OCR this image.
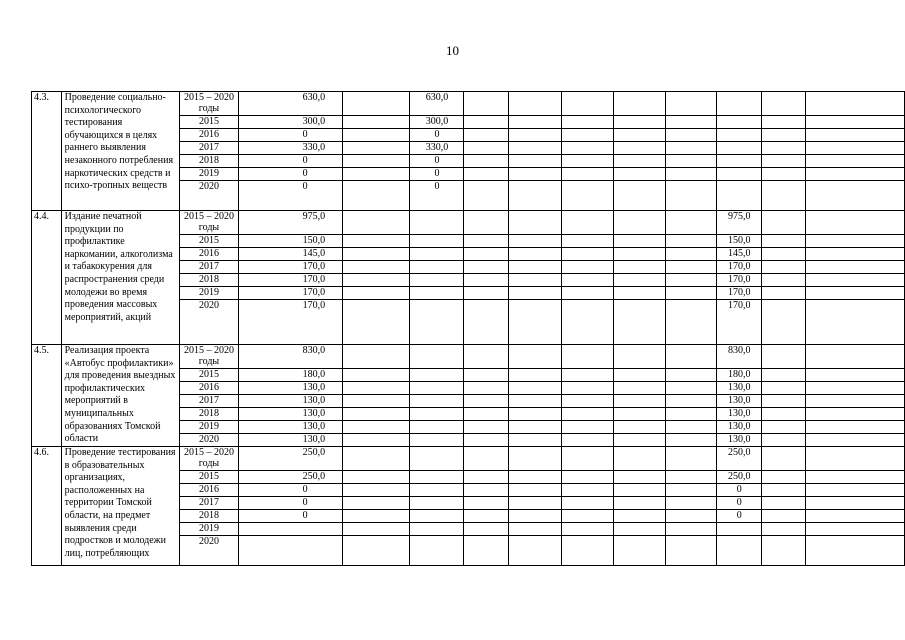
10
4.3.	Проведение социально-психологического тестирования обучающихся в целях раннего выявления незаконного потребления наркотических средств и психо-тропных веществ	2015 – 2020 годы	630,0		630,0								
		2015	300,0		300,0								
		2016	0		0								
		2017	330,0		330,0								
		2018	0		0								
		2019	0		0								
		2020	0		0								
4.4.	Издание печатной продукции по профилактике наркомании, алкоголизма и табакокурения для распространения среди молодежи во время проведения массовых мероприятий, акций	2015 – 2020 годы	975,0								975,0		
		2015	150,0								150,0		
		2016	145,0								145,0		
		2017	170,0								170,0		
		2018	170,0								170,0		
		2019	170,0								170,0		
		2020	170,0								170,0		
4.5.	Реализация проекта «Автобус профилактики» для проведения выездных профилактических мероприятий в муниципальных образованиях Томской области	2015 – 2020 годы	830,0								830,0		
		2015	180,0								180,0		
		2016	130,0								130,0		
		2017	130,0								130,0		
		2018	130,0								130,0		
		2019	130,0								130,0		
		2020	130,0								130,0		
4.6.	Проведение тестирования в образовательных организациях, расположенных на территории Томской области, на предмет выявления среди подростков и молодежи лиц, потребляющих	2015 – 2020 годы	250,0								250,0		
		2015	250,0								250,0		
		2016	0								0		
		2017	0								0		
		2018	0								0		
		2019											
		2020											
